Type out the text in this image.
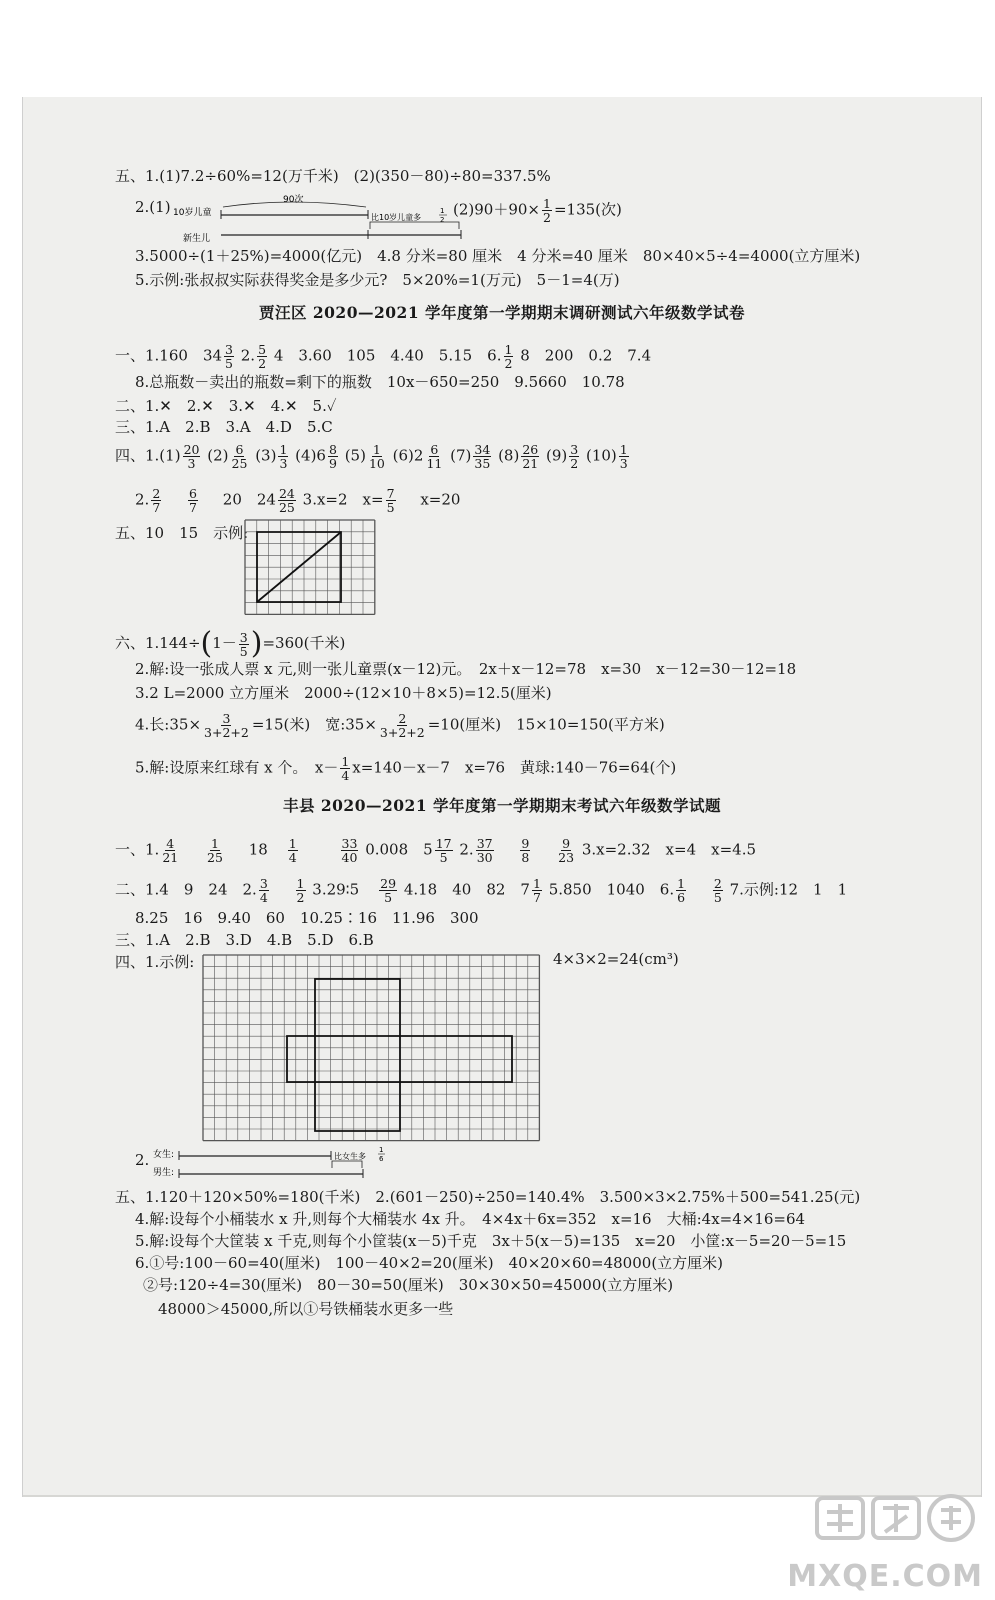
五、1.(1)7.2÷60%=12(万千米)　(2)(350－80)÷80=337.5%
2.(1) 10岁儿童
90次
新生儿
比10岁儿童多
1
2
$(2)90+90\times \frac{1}{2} =135$(次)
3.5000÷(1＋25%)=4000(亿元)　4.8 分米=80 厘米　4 分米=40 厘米　80×40×5÷4=4000(立方厘米)
5.示例:张叔叔实际获得奖金是多少元?　5×20%=1(万元)　5－1=4(万)
贾汪区 2020—2021 学年度第一学期期末调研测试六年级数学试卷
一、1.160　$34 \frac{3}{5} 2$. $\frac{5}{2} 4$　3.60　105　4.40　5.15　6. $\frac{1}{2} 8$　200　0.2　7.4
8.总瓶数－卖出的瓶数=剩下的瓶数　10x－650=250　9.5660　10.78
二、1.✕　2.✕　3.✕　4.✕　5.✓
三、1.A　2.B　3.A　4.D　5.C
四、$1.(1) \frac{20}{3} (2) \frac{6}{25} (3) \frac{1}{3} (4)6 \frac{8}{9} (5) \frac{1}{10} (6)2 \frac{6}{11} (7) \frac{34}{35} (8) \frac{26}{21} (9) \frac{3}{2} (10) \frac{1}{3}$
2. $\frac{2}{7}$
$\frac{6}{7} 20$　$24 \frac{24}{25} 3.x=2$　$x= \frac{7}{5} x=20$
五、10　15　示例:
六、$1.144\div(1- \frac{3}{5} )=360$(千米)
2.解:设一张成人票 x 元,则一张儿童票(x－12)元。　2x＋x－12=78　x=30　x－12=30－12=18
3.2 L=2000 立方厘米　2000÷(12×10＋8×5)=12.5(厘米)
4.长:35× $\frac{3}{3+2+2} =15$(米)　宽:35× $\frac{2}{3+2+2} =10$(厘米)　15×10=150(平方米)
5.解:设原来红球有 x 个。　$x- \frac{1}{4} x=140-x-7$　x=76　黄球:140－76=64(个)
丰县 2020—2021 学年度第一学期期末考试六年级数学试题
一、1. $\frac{4}{21}$
$\frac{1}{25} 18 \frac{1}{4}$
	$\frac{33}{40} 0.008$　$5 \frac{17}{5} 2$. $\frac{37}{30}$
$\frac{9}{8}$
$\frac{9}{23} 3.x=2.32$　x=4　x=4.5
二、1.4　9　24　2. $\frac{3}{4}$
$\frac{1}{2}$ 3.29∶5 $\frac{29}{5} 4.18$　40　82　$7 \frac{1}{7} 5.850$　1040　6. $\frac{1}{6}$
$\frac{2}{5} 7$.示例:12　1　1
8.25　16　9.40　60　10.25∶16　11.96　300
三、1.A　2.B　3.D　4.B　5.D　6.B
四、1.示例:	4×3×2=24(cm³)
2. 女生:
男生:
比女生多
1
6
五、1.120＋120×50%=180(千米)　2.(601－250)÷250=140.4%　3.500×3×2.75%＋500=541.25(元)
4.解:设每个小桶装水 x 升,则每个大桶装水 4x 升。　4×4x＋6x=352　x=16　大桶:4x=4×16=64
5.解:设每个大筐装 x 千克,则每个小筐装(x－5)千克　3x＋5(x－5)=135　x=20　小筐:x－5=20－5=15
6.①号:100－60=40(厘米)　100－40×2=20(厘米)　40×20×60=48000(立方厘米)
②号:120÷4=30(厘米)　80－30=50(厘米)　30×30×50=45000(立方厘米)
48000＞45000,所以①号铁桶装水更多一些
MXQE.COM
